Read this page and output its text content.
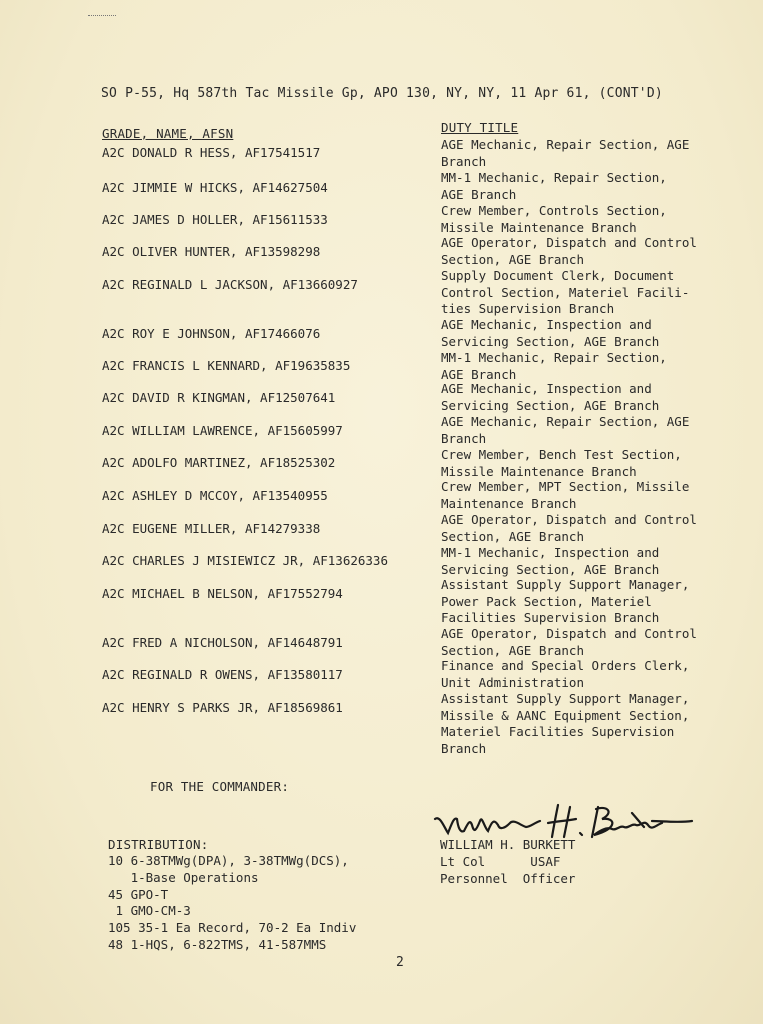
SO P-55, Hq 587th Tac Missile Gp, APO 130, NY, NY, 11 Apr 61, (CONT'D)
GRADE, NAME, AFSN	DUTY TITLE
A2C DONALD R HESS, AF17541517
AGE Mechanic, Repair Section, AGE
Branch
A2C JIMMIE W HICKS, AF14627504
MM-1 Mechanic, Repair Section,
AGE Branch
A2C JAMES D HOLLER, AF15611533
Crew Member, Controls Section,
Missile Maintenance Branch
A2C OLIVER HUNTER, AF13598298
AGE Operator, Dispatch and Control
Section, AGE Branch
A2C REGINALD L JACKSON, AF13660927
Supply Document Clerk, Document
Control Section, Materiel Facili-
ties Supervision Branch
A2C ROY E JOHNSON, AF17466076
AGE Mechanic, Inspection and
Servicing Section, AGE Branch
A2C FRANCIS L KENNARD, AF19635835
MM-1 Mechanic, Repair Section,
AGE Branch
A2C DAVID R KINGMAN, AF12507641
AGE Mechanic, Inspection and
Servicing Section, AGE Branch
A2C WILLIAM LAWRENCE, AF15605997
AGE Mechanic, Repair Section, AGE
Branch
A2C ADOLFO MARTINEZ, AF18525302
Crew Member, Bench Test Section,
Missile Maintenance Branch
A2C ASHLEY D MCCOY, AF13540955
Crew Member, MPT Section, Missile
Maintenance Branch
A2C EUGENE MILLER, AF14279338
AGE Operator, Dispatch and Control
Section, AGE Branch
A2C CHARLES J MISIEWICZ JR, AF13626336
MM-1 Mechanic, Inspection and
Servicing Section, AGE Branch
A2C MICHAEL B NELSON, AF17552794
Assistant Supply Support Manager,
Power Pack Section, Materiel
Facilities Supervision Branch
A2C FRED A NICHOLSON, AF14648791
AGE Operator, Dispatch and Control
Section, AGE Branch
A2C REGINALD R OWENS, AF13580117
Finance and Special Orders Clerk,
Unit Administration
A2C HENRY S PARKS JR, AF18569861
Assistant Supply Support Manager,
Missile & AANC Equipment Section,
Materiel Facilities Supervision
Branch
FOR THE COMMANDER:
DISTRIBUTION:
10 6-38TMWg(DPA), 3-38TMWg(DCS),
1-Base Operations
45 GPO-T
1 GMO-CM-3
105 35-1 Ea Record, 70-2 Ea Indiv
48 1-HQS, 6-822TMS, 41-587MMS
WILLIAM H. BURKETT
Lt Col      USAF
Personnel  Officer
2
